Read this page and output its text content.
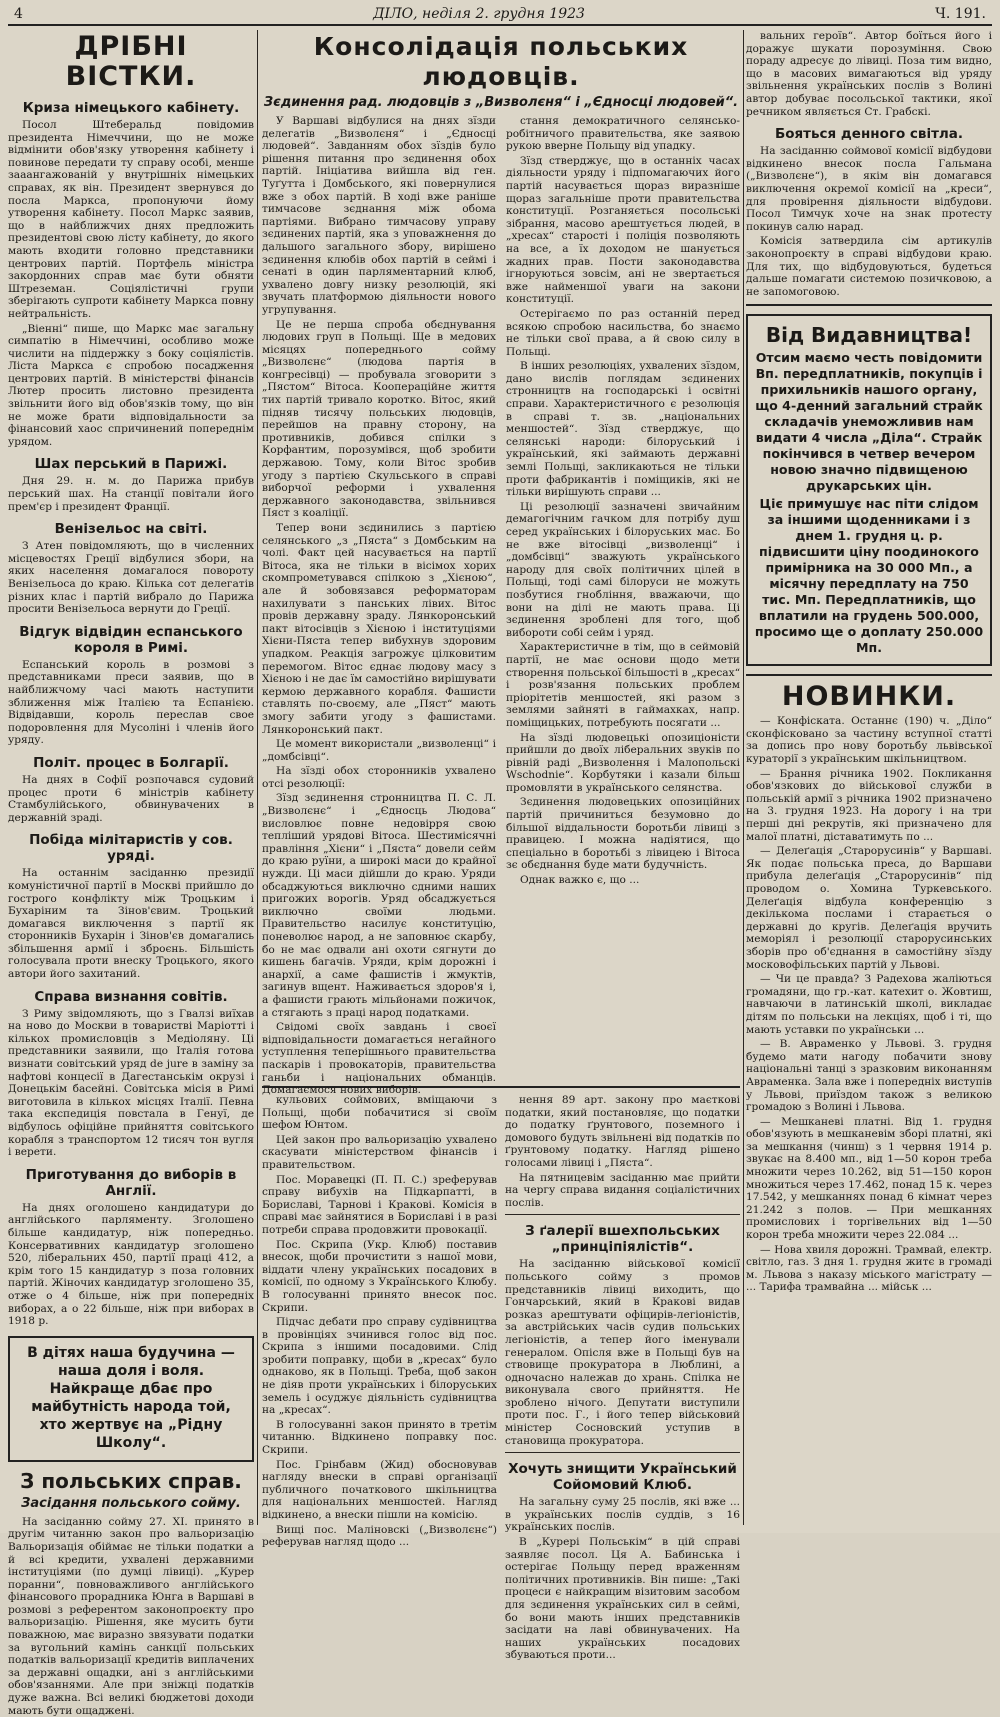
4	ДІЛО, неділя 2. грудня 1923	Ч. 191.
ДРІБНІ ВІСТКИ.
Криза німецького кабінету.

Посол Штеберальд повідомив президента Німеччини, що не може відмінити обов'язку утворення кабінету і повинове передати ту справу особі, менше зааангажованій у внутрішніх німецьких справах, як він. Президент звернувся до посла Маркса, пропонуючи йому утворення кабінету. Посол Маркс заявив, що в найближчих днях предложить президентові свою лісту кабінету, до якого мають входити головно представники центрових партій. Портфель міністра закордонних справ має бути обняти Штреземан. Соціялістичні групи зберігають супроти кабінету Маркса повну нейтральність.

„Віенні“ пише, що Маркс має загальну симпатію в Німеччині, особливо може числити на піддержку з боку соціялістів. Ліста Маркса є спробою посадження центрових партій. В міністерстві фінансів Лютер просить листовно президента звільнити його від обов'язків тому, що він не може брати відповідальности за фінансовий хаос спричинений попереднім урядом.

Шах перський в Парижі.

Дня 29. н. м. до Парижа прибув перський шах. На станції повітали його прем'єр і президент Франції.

Венізельос на світі.

З Атен повідомляють, що в численних місцевостях Греції відбулися збори, на яких населення домагалося повороту Венізельоса до краю. Кілька сот делегатів різних клас і партій вибрало до Парижа просити Венізельоса вернути до Греції.

Відгук відвідин еспанського короля в Римі.

Еспанський король в розмові з представниками преси заявив, що в найближчому часі мають наступити зближення між Італією та Еспанією. Відвідавши, король переслав свое подоровлення для Мусоліні і членів його уряду.

Політ. процес в Болгарії.

На днях в Софії розпочався судовий процес проти 6 міністрів кабінету Стамбулійського, обвинувачених в державній зраді.

Побіда мілітаристів у сов. уряді.

На останнім засіданню президії комуністичної партії в Москві прийшло до гострого конфлікту між Троцьким і Бухаріним та Зінов'євим. Троцький домагався виключення з партії як сторонників Бухарін і Зінов'єв домагались збільшення армії і зброєнь. Більшість голосувала проти внеску Троцького, якого автори його захитаний.

Справа визнання совітів.

З Риму звідомляють, що з Гвалзі виїхав на ново до Москви в товаристві Маріотті і кількох промисловців з Медіоляну. Ці представники заявили, що Італія готова визнати совітський уряд de jure в заміну за нафтові концесії в Дагестанськім окрузі і Донецькім басейні. Совітська місія в Римі виготовила в кількох місцях Італії. Певна така експедиція повстала в Генуї, де відбулось офіційне прийняття совітського корабля з транспортом 12 тисяч тон вугля і верети.

Приготування до виборів в Англії.

На днях оголошено кандидатури до англійського парляменту. Зголошено більше кандидатур, ніж попередньо. Консервативних кандидатур зголошено 520, ліберальних 450, партії праці 412, а крім того 15 кандидатур з поза головних партій. Жіночих кандидатур зголошено 35, отже о 4 більше, ніж при попередніх виборах, а о 22 більше, ніж при виборах в 1918 р.

В дітях наша будучина — наша доля і воля. Найкраще дбає про майбутність народа той, хто жертвує на „Рідну Школу“.

З польських справ.
Засідання польського сойму.

На засіданню сойму 27. ХІ. принято в другім читанню закон про вальоризацію Вальоризація обіймає не тільки податки а й всі кредити, ухвалені державними інституціями (по думці лівиці). „Курер поранни“, повноважливого англійського фінансового прорадника Юнга в Варшаві в розмові з референтом законопроєкту про вальоризацію. Рішення, яке мусить бути поважною, має виразно звязувати податки за вугольний камінь санкції польських податків вальоризації кредитів виплачених за державні ощадки, ані з англійськими обов'язаннями. Але при зніжці податків дуже важна. Всі великі бюджетові доходи мають бути ощаджені.

Консолідація польських людовців.
Зєдинення рад. людовців з „Визволєня“ і „Єдносці людовей“.

У Варшаві відбулися на днях зїзди делегатів „Визволєня“ і „Єдносці людовей“. Завданням обох зїздів було рішення питання про зєдинення обох партій. Ініціатива вийшла від ген. Туґутта і Домбського, які повернулися вже з обох партій. В ході вже раніше тимчасове зєднання між обома партіями. Вибрано тимчасову управу зєдинених партій, яка з уповажнення до дальшого загального збору, вирішено зєдинення клюбів обох партій в сеймі і сенаті в один парляментарний клюб, ухвалено довгу низку резолюцій, які звучать платформою діяльности нового угрупування.

Це не перша спроба обєднування людових груп в Польщі. Ще в медових місяцях попереднього сойму „Визволєнє“ (людова партія в конгресівці) — пробувала зговорити з „Пястом“ Вітоса. Коопераційне життя тих партій тривало коротко. Вітос, який підняв тисячу польських людовців, перейшов на правну сторону, на противників, добився спілки з Корфантим, порозумівся, щоб зробити державою. Тому, коли Вітос зробив угоду з партією Скульського в справі виборчої реформи і ухвалення державного законодавства, звільнився Пяст з коаліції.

Тепер вони зєдинились з партією селянського „з „Пяста“ з Домбським на чолі. Факт цей насувається на партії Вітоса, яка не тільки в вісімох хорих скомпрометувався спілкою з „Хієною“, але й зобовязався реформаторам нахилувати з панських лівих. Вітос провів державну зраду. Лянкоронський пакт вітосівців з Хієною і інституціями Хієни-Пяста тепер вибухнув здоровим упадком. Реакція загрожує цілковитим перемогом. Вітос єднає людову масу з Хієною і не дає їм самостійно вирішувати кермою державного корабля. Фашисти ставлять по-своєму, але „Пяст“ мають змогу забити угоду з фашистами. Лянкоронський пакт.

Це момент використали „визволенці“ і „домбсівці“.

На зїзді обох сторонників ухвалено отсі резолюції:

Зїзд зєдинення стронництва П. С. Л. „Визволєнє“ і „Єдносць Людова“ висловлює повне недовірря свою тепліший урядові Вітоса. Шестимісячні правління „Хієни“ і „Пяста“ довели сейм до краю руїни, а широкі маси до крайної нужди. Ці маси дійшли до краю. Уряди обсаджуються виключно сдними наших пригожих ворогів. Уряд обсаджується виключно своїми людьми. Правительство насилує конституцію, поневолює народ, а не заповнює скарбу, бо не має одвали ані охоти сягнути до кишень багачів. Уряди, крім дорожні і анархії, а саме фашистів і жмуктів, загинув вщент. Наживається здоров'я і, а фашисти грають мільйонами пожичок, а стягають з праці народ податками.

Свідомі своїх завдань і своєї відповідальности домагається негайного уступлення теперішнього правительства паскарів і провокаторів, правительства ганьби і національних обманців. Домагаємося нових виборів.

стання демократичного селянсько-робітничого правительства, яке заявою рукою вверне Польщу від упадку.

Зїзд стверджує, що в останніх часах діяльности уряду і підпомагаючих його партій насувається щораз виразніше щораз загальніше проти правительства конституції. Розганяється посольські зібрання, масово арештується людей, в „хресах“ старості і поліція позволяють на все, а їх доходом не шанується жадних прав. Пости законодавства ігноруються зовсім, ані не звертається вже найменшої уваги на закони конституції.

Остерігаємо по раз останній перед всякою спробою насильства, бо знаємо не тільки свої права, а й свою силу в Польщі.

В інших резолюціях, ухвалених зїздом, дано вислів поглядам зєдинених стронництв на господарські і освітні справи. Характеристичного є резолюція в справі т. зв. „національних меншостей“. Зїзд стверджує, що селянські народи: білоруський і український, які займають державні землі Польщі, закликаються не тільки проти фабрикантів і поміщиків, які не тільки вирішують справи ...

Ці резолюції зазначені звичайним демагогічним гачком для потрібу душ серед українських і білоруських мас. Бо не вже вітосівці „визволенці“ і „домбсівці“ зважують українського народу для своїх політичних цілей в Польщі, тоді самі білоруси не можуть позбутися гнобління, вважаючи, що вони на ділі не мають права. Ці зєдинення зроблені для того, щоб вибороти собі сейм і уряд.

Характеристичне в тім, що в сеймовій партії, не має основи щодо мети створення польської більшості в „кресах“ і розв'язання польських проблем пріорітетів меншостей, які разом з землями зайняті в гаймахках, напр. поміщицьких, потребують посягати ...

На зїзді людовецькі опозиціоністи прийшли до двоїх ліберальних звуків по рівній раді „Визволення і Малопольскі Wschodnie“. Корбутяки і казали більш промовляти в українського селянства.

Зєдинення людовецьких опозиційних партій причиниться безумовно до більшої віддальности боротьби лівиці з правицею. І можна надіятися, що спеціально в боротьбі з лівицею і Вітоса зє обєднання буде мати будучність.

Однак важко є, що ...

кульових соймових, вміщаючи з Польщі, щоби побачитися зі своїм шефом Юнтом.

Цей закон про вальоризацію ухвалено скасувати міністерством фінансів і правительством.

Пос. Моравецкі (П. П. С.) зреферував справу вибухів на Підкарпатті, в Бориславі, Тарнові і Кракові. Комісія в справі має зайнятися в Бориславі і в разі потреби справа продовжити провокації.

Пос. Скрипа (Укр. Клюб) поставив внесок, щоби прочистити з нашої мови, віддати члену українських посадових в комісії, по одному з Українського Клюбу. В голосуванні принято внесок пос. Скрипи.

Підчас дебати про справу судівництва в провінціях зчинився голос від пос. Скрипа з іншими посадовими. Слід зробити поправку, щоби в „кресах“ було однаково, як в Польщі. Треба, щоб закон не діяв проти українських і білоруських земель і осуджує діяльність судівництва на „кресах“.

В голосуванні закон принято в третім читанню. Відкинено поправку пос. Скрипи.

Пос. Грінбавм (Жид) обосновував нагляду внески в справі організації публичного початкового шкільництва для національних меншостей. Нагляд відкинено, а внески пішли на комісію.

Вищі пос. Маліновскі („Визволєнє“) реферував нагляд щодо ...

нення 89 арт. закону про маєткові податки, який постановляє, що податки до податку ґрунтового, поземного і домового будуть звільнені від податків по ґрунтовому податку. Нагляд рішено голосами лівиці і „Пяста“.

На пятницевім засіданню має прийти на чергу справа видання соціалістичних послів.

З ґалерії вшехпольських „принціпіялістів“.

На засіданню військової комісії польського сойму з промов представників лівиці виходить, що Гончарський, який в Кракові видав розказ арештувати офіцирів-легіоністів, за австрійських часів судив польських легіоністів, а тепер його іменували генералом. Опісля вже в Польщі був на ствовище прокуратора в Люблині, а одночасно належав до хрань. Спілка не виконувала свого прийняття. Не зроблено нічого. Депутати виступили проти пос. Г., і його тепер військовий міністер Сосновский уступив в становища прокуратора.

Хочуть знищити Український Сойомовий Клюб.

На загальну суму 25 послів, які вже ... в українських послів суддів, з 16 українських послів.

В „Курері Польськім“ в цій справі заявляє посол. Ця А. Бабинська і остерігає Польщу перед враженням політичних противників. Він пише: „Такі процеси є найкращим візитовим засобом для зєдинення українських сил в сеймі, бо вони мають інших представників засідати на лаві обвинувачених. На наших українських посадових збуваються проти...

вальних героїв“. Автор боїться його і доражує шукати порозуміння. Свою пораду адресує до лівиці. Поза тим видно, що в масових вимагаються від уряду звільнення українських послів з Волині автор добуває посольської тактики, якої речником являється Ст. Грабскі.

Бояться денного світла.

На засіданню соймової комісії відбудови відкинено внесок посла Гальмана („Визволєне“), в якім він домагався виключення окремої комісії на „креси“, для провірення діяльности відбудови. Посол Тимчук хоче на знак протесту покинув салю нарад.

Комісія затвердила сім артикулів законопроєкту в справі відбудови краю. Для тих, що відбудовуються, будеться дальше помагати системою позичковою, а не запомоговою.

Від Видавництва!

Отсим маємо честь повідомити Вп. передплатників, покупців і прихильників нашого органу, що 4-денний загальний страйк складачів унеможливив нам видати 4 числа „Діла“. Страйк покінчився в четвер вечером новою значно підвищеною друкарських цін.

Ціє примушує нас піти слідом за іншими щоденниками і з днем 1. грудня ц. р. підвисшити ціну поодинокого примірника на 30 000 Мп., а місячну передплату на 750 тис. Мп. Передплатників, що вплатили на грудень 500.000, просимо ще о доплату 250.000 Мп.

НОВИНКИ.

— Конфіската. Останнє (190) ч. „Діло“ сконфісковано за частину вступної статті за допись про нову боротьбу львівської кураторії з українським шкільництвом.

— Брання річника 1902. Покликання обов'язкових до військової служби в польській армії з річника 1902 призначено на 3. грудня 1923. На дорогу і на три перші дні рекрутів, які призначено для малої платні, діставатимуть по ...

— Делеґація „Старорусинів“ у Варшаві. Як подає польська преса, до Варшави прибула делеґація „Старорусинів“ під проводом о. Хомина Туркевського. Делеґація відбула конференцію з декількома послами і старається о державні до кругів. Делеґація вручить меморіял і резолюції старорусинських зборів про об'єднання в самостійну зїзду московофільських партій у Львові.

— Чи це правда? З Радехова жаліються громадяни, що гр.-кат. катехит о. Жовтиш, навчаючи в латинській школі, викладає дітям по польськи на лекціях, щоб і ті, що мають уставки по українськи ...

— В. Авраменко у Львові. З. грудня будемо мати нагоду побачити знову національні танці з зразковим виконанням Авраменка. Зала вже і попередніх виступів у Львові, приїздом також з великою громадою з Волині і Львова.

— Мешканеві платні. Від 1. грудня обов'язують в мешканевім зборі платні, які за мешкання (чинш) з 1 червня 1914 р. звукає на 8.400 мп., від 1—50 корон треба множити через 10.262, від 51—150 корон множиться через 17.462, понад 15 к. через 17.542, у мешканнях понад 6 кімнат через 21.242 з полов. — При мешканнях промислових і торгівельних від 1—50 корон треба множити через 22.084 ...

— Нова хвиля дорожні. Трамвай, електр. світло, газ. З дня 1. грудня житє в громаді м. Львова з наказу міського магістрату — ... Тарифа трамвайна ... мійськ ...
